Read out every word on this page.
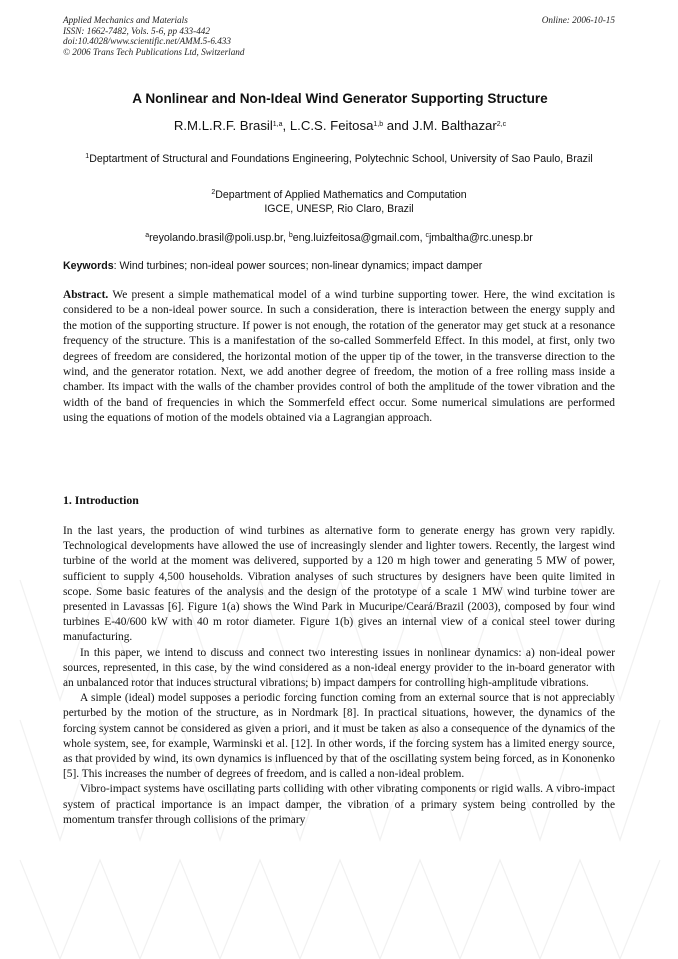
Applied Mechanics and Materials
ISSN: 1662-7482, Vols. 5-6, pp 433-442
doi:10.4028/www.scientific.net/AMM.5-6.433
© 2006 Trans Tech Publications Ltd, Switzerland
Online: 2006-10-15
A Nonlinear and Non-Ideal Wind Generator Supporting Structure
R.M.L.R.F. Brasil$^{1,a}$, L.C.S. Feitosa$^{1,b}$ and J.M. Balthazar$^{2,c}$
$^1$Deptartment of Structural and Foundations Engineering, Polytechnic School, University of Sao Paulo, Brazil
$^2$Department of Applied Mathematics and Computation
IGCE, UNESP, Rio Claro, Brazil
$^a$reyolando.brasil@poli.usp.br, $^b$eng.luizfeitosa@gmail.com, $^c$jmbaltha@rc.unesp.br
Keywords: Wind turbines; non-ideal power sources; non-linear dynamics; impact damper
Abstract. We present a simple mathematical model of a wind turbine supporting tower. Here, the wind excitation is considered to be a non-ideal power source. In such a consideration, there is interaction between the energy supply and the motion of the supporting structure. If power is not enough, the rotation of the generator may get stuck at a resonance frequency of the structure. This is a manifestation of the so-called Sommerfeld Effect. In this model, at first, only two degrees of freedom are considered, the horizontal motion of the upper tip of the tower, in the transverse direction to the wind, and the generator rotation. Next, we add another degree of freedom, the motion of a free rolling mass inside a chamber. Its impact with the walls of the chamber provides control of both the amplitude of the tower vibration and the width of the band of frequencies in which the Sommerfeld effect occur. Some numerical simulations are performed using the equations of motion of the models obtained via a Lagrangian approach.
1. Introduction

In the last years, the production of wind turbines as alternative form to generate energy has grown very rapidly. Technological developments have allowed the use of increasingly slender and lighter towers. Recently, the largest wind turbine of the world at the moment was delivered, supported by a 120 m high tower and generating 5 MW of power, sufficient to supply 4,500 households. Vibration analyses of such structures by designers have been quite limited in scope. Some basic features of the analysis and the design of the prototype of a scale 1 MW wind turbine tower are presented in Lavassas [6]. Figure 1(a) shows the Wind Park in Mucuripe/Ceará/Brazil (2003), composed by four wind turbines E-40/600 kW with 40 m rotor diameter. Figure 1(b) gives an internal view of a conical steel tower during manufacturing.

In this paper, we intend to discuss and connect two interesting issues in nonlinear dynamics: a) non-ideal power sources, represented, in this case, by the wind considered as a non-ideal energy provider to the in-board generator with an unbalanced rotor that induces structural vibrations; b) impact dampers for controlling high-amplitude vibrations.

A simple (ideal) model supposes a periodic forcing function coming from an external source that is not appreciably perturbed by the motion of the structure, as in Nordmark [8]. In practical situations, however, the dynamics of the forcing system cannot be considered as given a priori, and it must be taken as also a consequence of the dynamics of the whole system, see, for example, Warminski et al. [12]. In other words, if the forcing system has a limited energy source, as that provided by wind, its own dynamics is influenced by that of the oscillating system being forced, as in Kononenko [5]. This increases the number of degrees of freedom, and is called a non-ideal problem.

Vibro-impact systems have oscillating parts colliding with other vibrating components or rigid walls. A vibro-impact system of practical importance is an impact damper, the vibration of a primary system being controlled by the momentum transfer through collisions of the primary
